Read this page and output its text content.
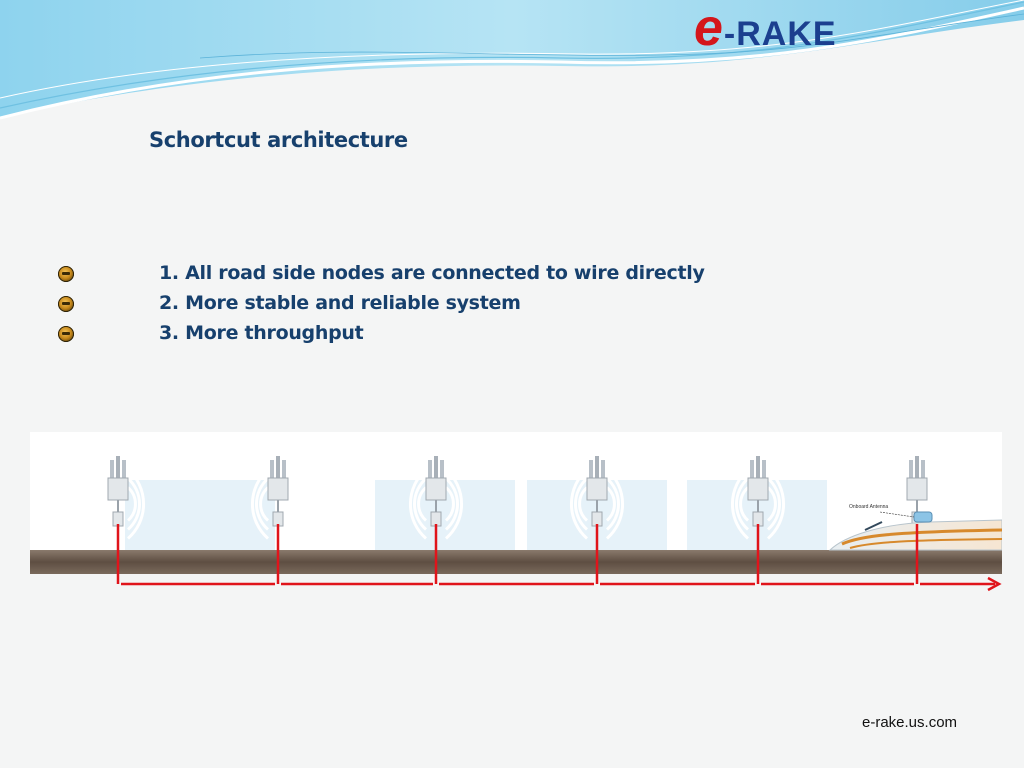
e -RAKE
Schortcut architecture
1. All road side nodes are connected to wire directly
2. More stable and reliable system
3. More throughput
Onboard Antenna
e-rake.us.com
